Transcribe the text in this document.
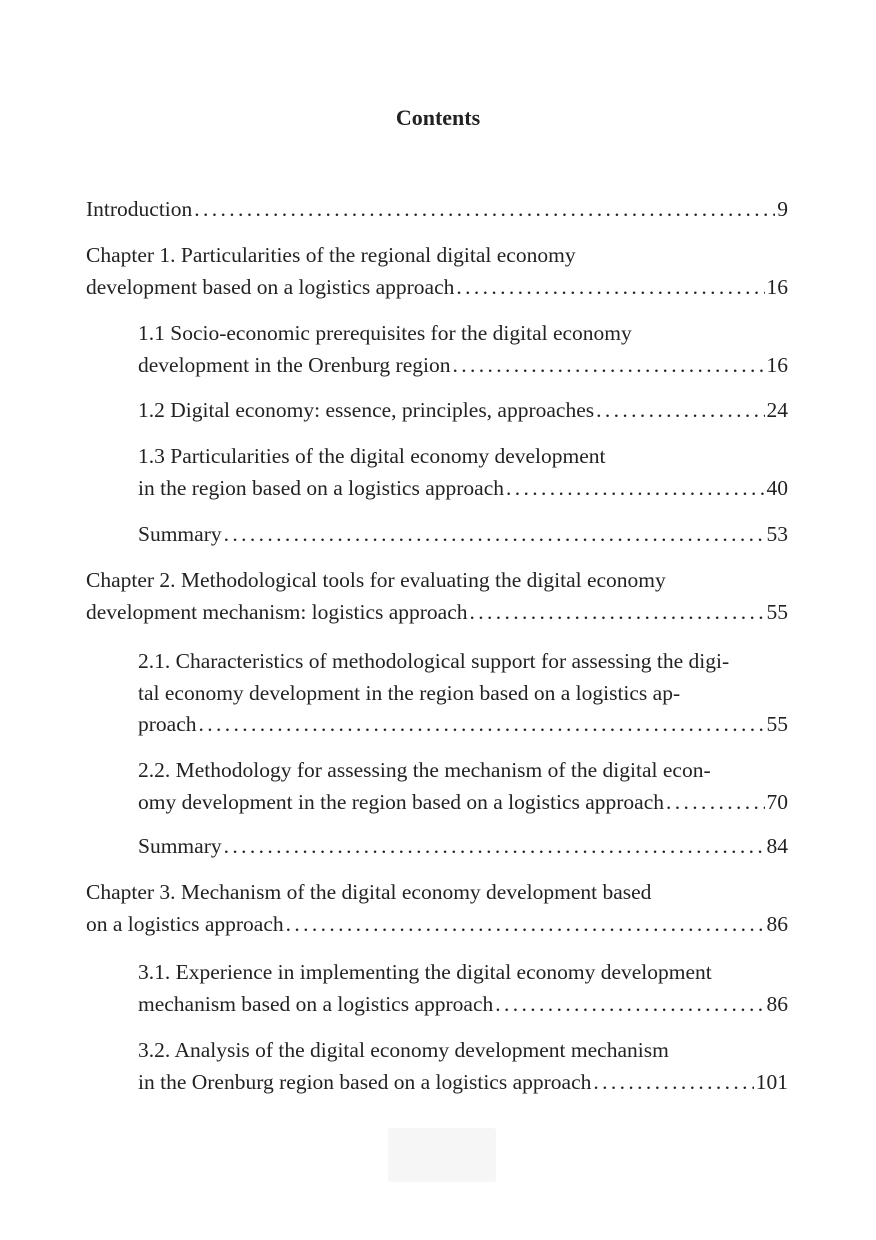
Contents
Introduction . . .	9
Chapter 1. Particularities of the regional digital economy
development based on a logistics approach . . .	16
1.1 Socio-economic prerequisites for the digital economy
development in the Orenburg region . . .	16
1.2 Digital economy: essence, principles, approaches . . .	24
1.3 Particularities of the digital economy development
in the region based on a logistics approach . . .	40
Summary . . .	53
Chapter 2. Methodological tools for evaluating the digital economy
development mechanism: logistics approach . . .	55
2.1. Characteristics of methodological support for assessing the digi-
tal economy development in the region based on a logistics ap-
proach . . .	55
2.2. Methodology for assessing the mechanism of the digital econ-
omy development in the region based on a logistics approach . . .	70
Summary . . .	84
Chapter 3. Mechanism of the digital economy development based
on a logistics approach . . .	86
3.1. Experience in implementing the digital economy development
mechanism based on a logistics approach . . .	86
3.2. Analysis of the digital economy development mechanism
in the Orenburg region based on a logistics approach . . .	101
